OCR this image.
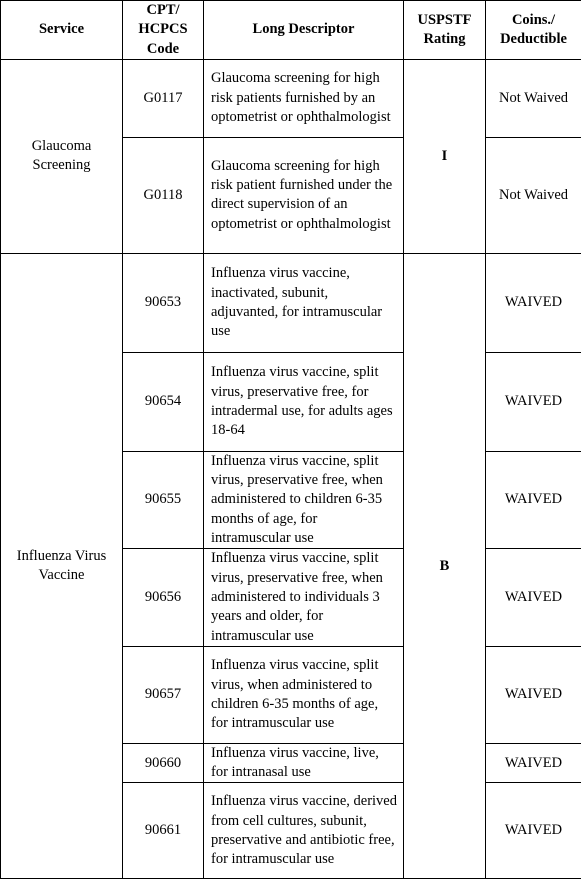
Service	CPT/ HCPCS Code	Long Descriptor	USPSTF Rating	Coins./ Deductible
Glaucoma Screening	G0117	Glaucoma screening for high risk patients furnished by an optometrist or ophthalmologist	I	Not Waived
	G0118	Glaucoma screening for high risk patient furnished under the direct supervision of an optometrist or ophthalmologist		Not Waived
Influenza Virus Vaccine	90653	Influenza virus vaccine, inactivated, subunit, adjuvanted, for intramuscular use	B	WAIVED
	90654	Influenza virus vaccine, split virus, preservative free, for intradermal use, for adults ages 18-64		WAIVED
	90655	Influenza virus vaccine, split virus, preservative free, when administered to children 6-35 months of age, for intramuscular use		WAIVED
	90656	Influenza virus vaccine, split virus, preservative free, when administered to individuals 3 years and older, for intramuscular use		WAIVED
	90657	Influenza virus vaccine, split virus, when administered to children 6-35 months of age, for intramuscular use		WAIVED
	90660	Influenza virus vaccine, live, for intranasal use		WAIVED
	90661	Influenza virus vaccine, derived from cell cultures, subunit, preservative and antibiotic free, for intramuscular use		WAIVED
